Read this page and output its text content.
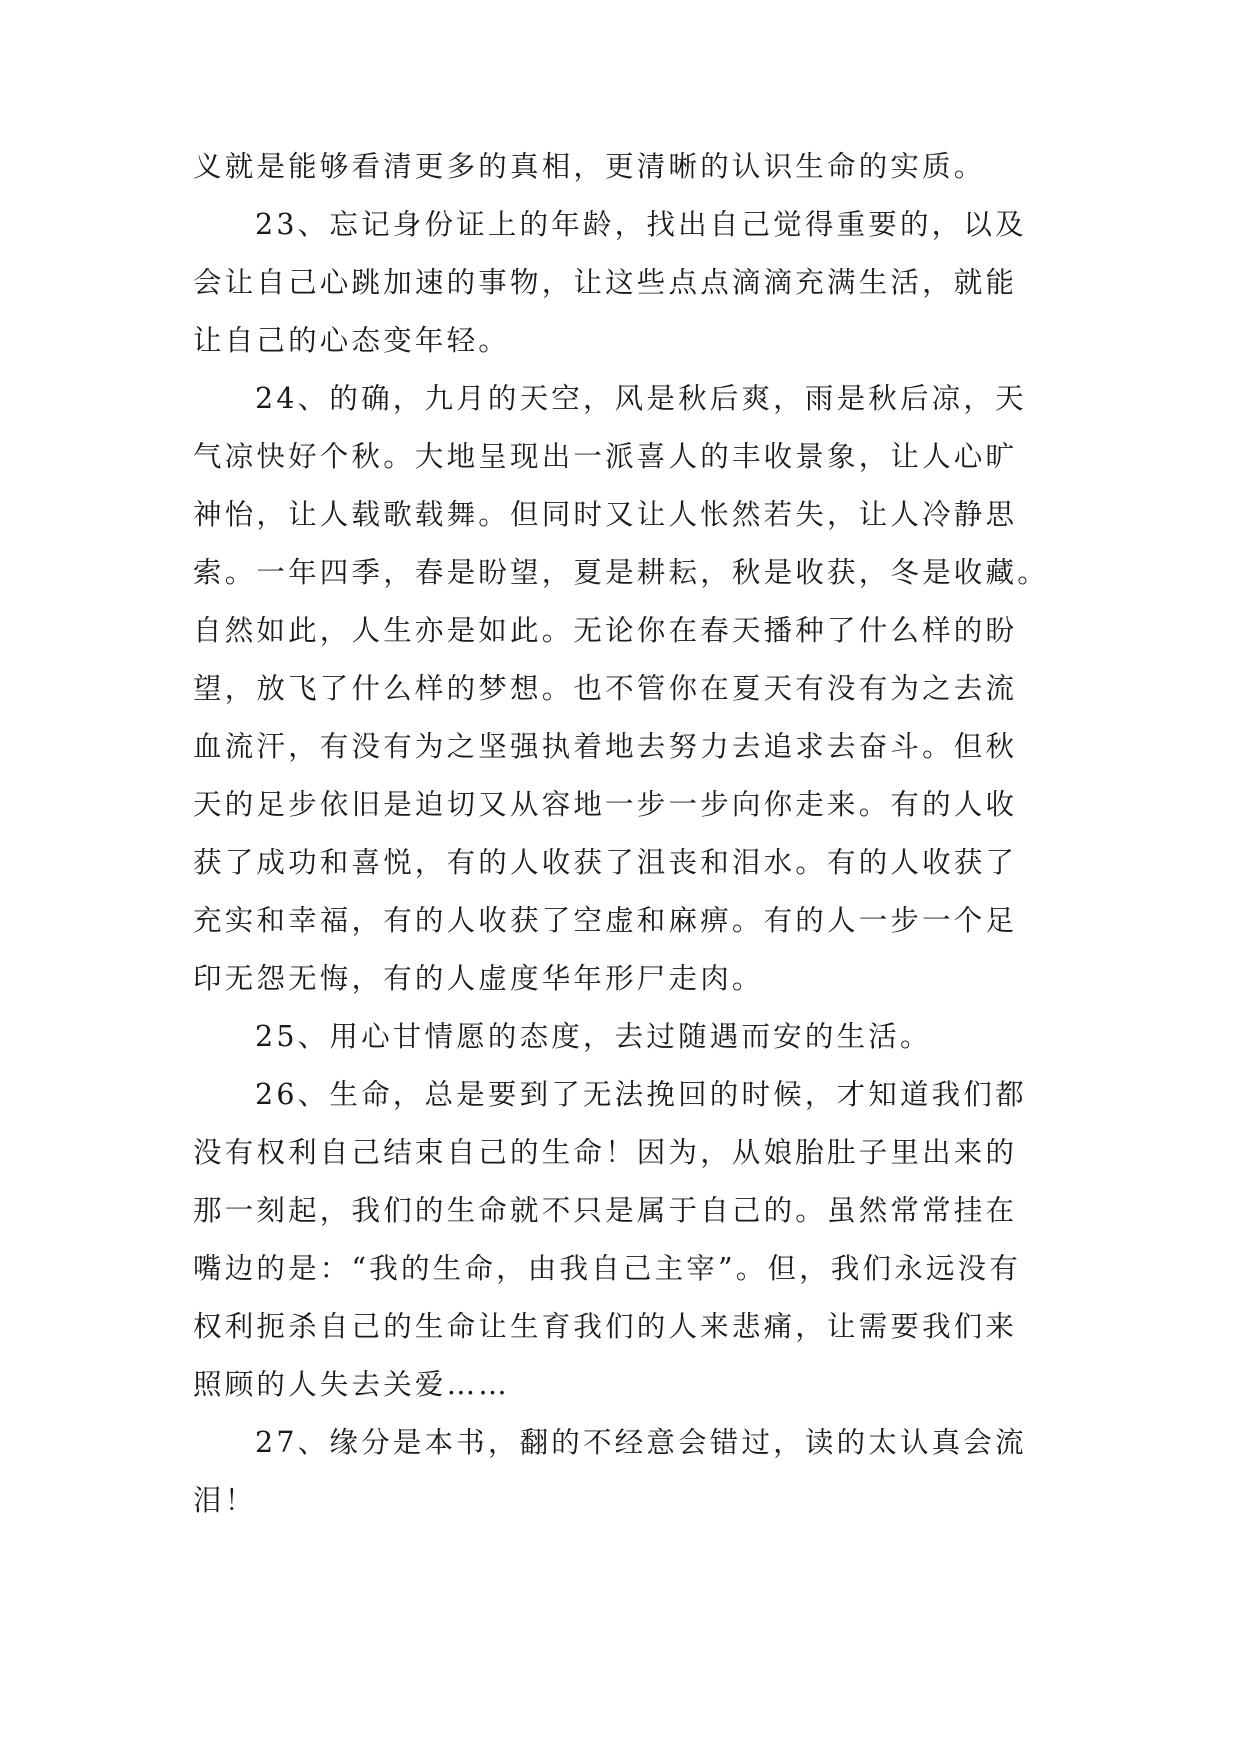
义就是能够看清更多的真相，更清晰的认识生命的实质。
23、忘记身份证上的年龄，找出自己觉得重要的，以及
会让自己心跳加速的事物，让这些点点滴滴充满生活，就能
让自己的心态变年轻。
24、的确，九月的天空，风是秋后爽，雨是秋后凉，天
气凉快好个秋。大地呈现出一派喜人的丰收景象，让人心旷
神怡，让人载歌载舞。但同时又让人怅然若失，让人冷静思
索。一年四季，春是盼望，夏是耕耘，秋是收获，冬是收藏。
自然如此，人生亦是如此。无论你在春天播种了什么样的盼
望，放飞了什么样的梦想。也不管你在夏天有没有为之去流
血流汗，有没有为之坚强执着地去努力去追求去奋斗。但秋
天的足步依旧是迫切又从容地一步一步向你走来。有的人收
获了成功和喜悦，有的人收获了沮丧和泪水。有的人收获了
充实和幸福，有的人收获了空虚和麻痹。有的人一步一个足
印无怨无悔，有的人虚度华年形尸走肉。
25、用心甘情愿的态度，去过随遇而安的生活。
26、生命，总是要到了无法挽回的时候，才知道我们都
没有权利自己结束自己的生命！因为，从娘胎肚子里出来的
那一刻起，我们的生命就不只是属于自己的。虽然常常挂在
嘴边的是：“我的生命，由我自己主宰”。但，我们永远没有
权利扼杀自己的生命让生育我们的人来悲痛，让需要我们来
照顾的人失去关爱……
27、缘分是本书，翻的不经意会错过，读的太认真会流
泪！
